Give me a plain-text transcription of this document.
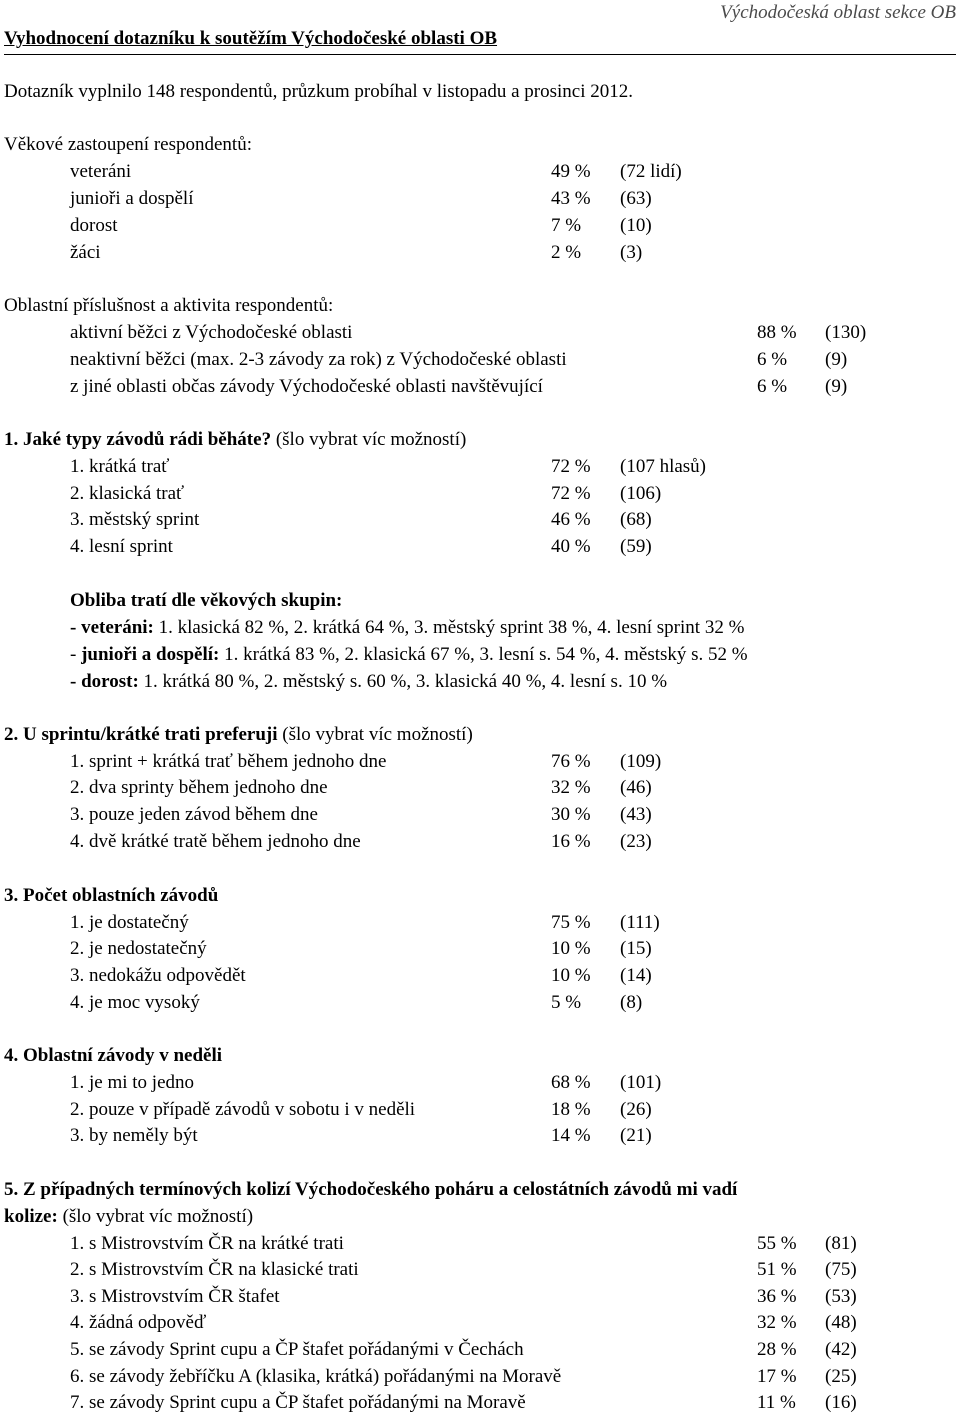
Východočeská oblast sekce OB
Vyhodnocení dotazníku k soutěžím Východočeské oblasti OB
Dotazník vyplnilo 148 respondentů, průzkum probíhal v listopadu a prosinci 2012.
Věkové zastoupení respondentů:
veteráni	49 % (72 lidí)
junioři a dospělí	43 % (63)
dorost	7 % (10)
žáci	2 % (3)
Oblastní příslušnost a aktivita respondentů:
aktivní běžci z Východočeské oblasti	88 % (130)
neaktivní běžci (max. 2-3 závody za rok) z Východočeské oblasti	6 % (9)
z jiné oblasti občas závody Východočeské oblasti navštěvující	6 % (9)
1. Jaké typy závodů rádi běháte? (šlo vybrat víc možností)
1. krátká trať	72 % (107 hlasů)
2. klasická trať	72 % (106)
3. městský sprint	46 % (68)
4. lesní sprint	40 % (59)
Obliba tratí dle věkových skupin:
- veteráni: 1. klasická 82 %, 2. krátká 64 %, 3. městský sprint 38 %, 4. lesní sprint 32 %
- junioři a dospělí: 1. krátká 83 %, 2. klasická 67 %, 3. lesní s. 54 %, 4. městský s. 52 %
- dorost: 1. krátká 80 %, 2. městský s. 60 %, 3. klasická 40 %, 4. lesní s. 10 %
2. U sprintu/krátké trati preferuji (šlo vybrat víc možností)
1. sprint + krátká trať během jednoho dne	76 % (109)
2. dva sprinty během jednoho dne	32 % (46)
3. pouze jeden závod během dne	30 % (43)
4. dvě krátké tratě během jednoho dne	16 % (23)
3. Počet oblastních závodů
1. je dostatečný	75 % (111)
2. je nedostatečný	10 % (15)
3. nedokážu odpovědět	10 % (14)
4. je moc vysoký	5 % (8)
4. Oblastní závody v neděli
1. je mi to jedno	68 % (101)
2. pouze v případě závodů v sobotu i v neděli	18 % (26)
3. by neměly být	14 % (21)
5. Z případných termínových kolizí Východočeského poháru a celostátních závodů mi vadí
kolize: (šlo vybrat víc možností)
1. s Mistrovstvím ČR na krátké trati	55 % (81)
2. s Mistrovstvím ČR na klasické trati	51 % (75)
3. s Mistrovstvím ČR štafet	36 % (53)
4. žádná odpověď	32 % (48)
5. se závody Sprint cupu a ČP štafet pořádanými v Čechách	28 % (42)
6. se závody žebříčku A (klasika, krátká) pořádanými na Moravě	17 % (25)
7. se závody Sprint cupu a ČP štafet pořádanými na Moravě	11 % (16)
